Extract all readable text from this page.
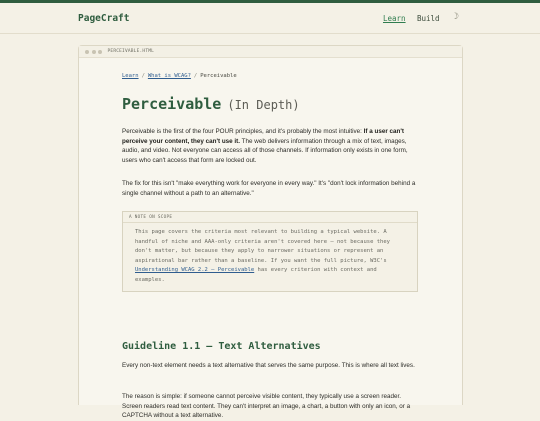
PageCraft	Learn Build ☽
PERCEIVABLE.HTML
Learn / What is WCAG? / Perceivable
Perceivable (In Depth)

Perceivable is the first of the four POUR principles, and it's probably the most intuitive: If a user can't perceive your content, they can't use it. The web delivers information through a mix of text, images, audio, and video. Not everyone can access all of those channels. If information only exists in one form, users who can't access that form are locked out.

The fix for this isn't "make everything work for everyone in every way." It's "don't lock information behind a single channel without a path to an alternative."

A NOTE ON SCOPE
This page covers the criteria most relevant to building a typical website. A handful of niche and AAA-only criteria aren't covered here — not because they don't matter, but because they apply to narrower situations or represent an aspirational bar rather than a baseline. If you want the full picture, W3C's Understanding WCAG 2.2 — Perceivable has every criterion with context and examples.
Guideline 1.1 — Text Alternatives

Every non-text element needs a text alternative that serves the same purpose. This is where all text lives.

The reason is simple: if someone cannot perceive visible content, they typically use a screen reader. Screen readers read text content. They can't interpret an image, a chart, a button with only an icon, or a CAPTCHA without a text alternative.
